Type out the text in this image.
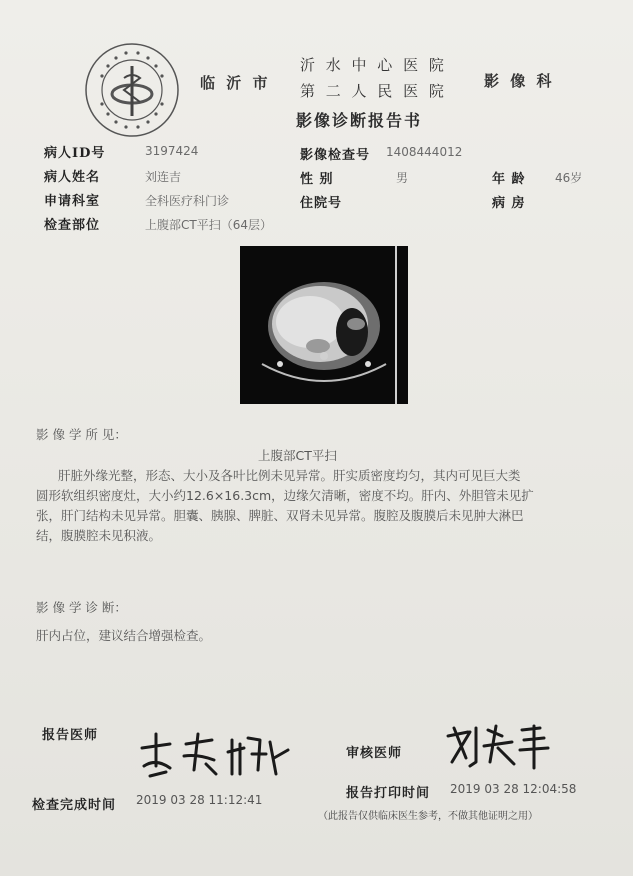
临 沂 市
沂 水 中 心 医 院
第 二 人 民 医 院
影 像 科
影像诊断报告书
病人ID号	3197424	影像检查号 1408444012
病人姓名	刘连吉	性 别	男	年 龄 46岁
申请科室	全科医疗科门诊	住院号	病 房
检查部位	上腹部CT平扫（64层）
影 像 学 所 见：
上腹部CT平扫
肝脏外缘光整，形态、大小及各叶比例未见异常。肝实质密度均匀，其内可见巨大类
圆形软组织密度灶，大小约12.6×16.3cm，边缘欠清晰，密度不均。肝内、外胆管未见扩
张，肝门结构未见异常。胆囊、胰腺、脾脏、双肾未见异常。腹腔及腹膜后未见肿大淋巴
结，腹膜腔未见积液。
影 像 学 诊 断：
肝内占位，建议结合增强检查。
报告医师
审核医师
检查完成时间 2019 03 28 11:12:41	报告打印时间 2019 03 28 12:04:58
（此报告仅供临床医生参考，不做其他证明之用）
